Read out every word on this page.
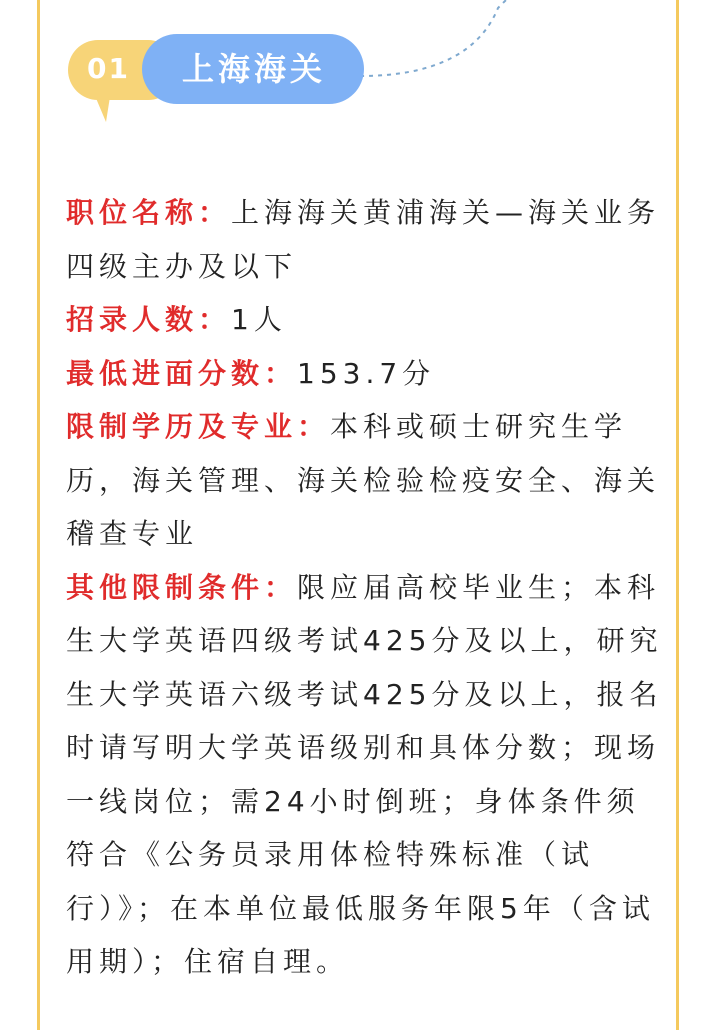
01	上海海关

职位名称：上海海关黄浦海关—海关业务四级主办及以下

招录人数：1人

最低进面分数：153.7分

限制学历及专业：本科或硕士研究生学历，海关管理、海关检验检疫安全、海关稽查专业

其他限制条件：限应届高校毕业生；本科生大学英语四级考试425分及以上，研究生大学英语六级考试425分及以上，报名时请写明大学英语级别和具体分数；现场一线岗位；需24小时倒班；身体条件须符合《公务员录用体检特殊标准（试行）》；在本单位最低服务年限5年（含试用期）；住宿自理。
